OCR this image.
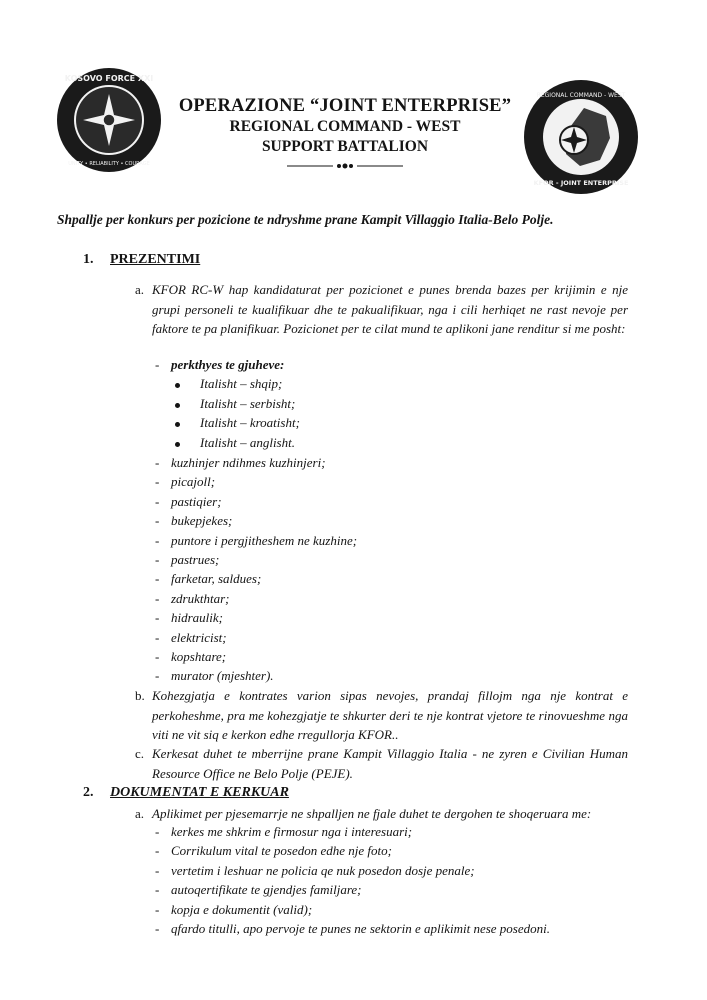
KOSOVO FORCE XXI
UNITY • RELIABILITY • COURAGE
REGIONAL COMMAND - WEST
KFOR - JOINT ENTERPRISE
OPERAZIONE “JOINT ENTERPRISE”
REGIONAL COMMAND - WEST
SUPPORT BATTALION
Shpallje per konkurs per pozicione te ndryshme prane Kampit Villaggio Italia-Belo Polje.
1. PREZENTIMI
a. KFOR RC-W hap kandidaturat per pozicionet e punes brenda bazes per krijimin e nje grupi personeli te kualifikuar dhe te pakualifikuar, nga i cili herhiqet ne rast nevoje per faktore te pa planifikuar. Pozicionet per te cilat mund te aplikoni jane renditur si me posht:
- perkthyes te gjuheve:
Italisht – shqip;
Italisht – serbisht;
Italisht – kroatisht;
Italisht – anglisht.
- kuzhinjer ndihmes kuzhinjeri;
- picajoll;
- pastiqier;
- bukepjekes;
- puntore i pergjitheshem ne kuzhine;
- pastrues;
- farketar, saldues;
- zdrukthtar;
- hidraulik;
- elektricist;
- kopshtare;
- murator (mjeshter).
b. Kohezgjatja e kontrates varion sipas nevojes, prandaj fillojm nga nje kontrat e perkoheshme, pra me kohezgjatje te shkurter deri te nje kontrat vjetore te rinovueshme nga viti ne vit siq e kerkon edhe rregullorja KFOR..
c. Kerkesat duhet te mberrijne prane Kampit Villaggio Italia - ne zyren e Civilian Human Resource Office ne Belo Polje (PEJE).
2. DOKUMENTAT E KERKUAR
a. Aplikimet per pjesemarrje ne shpalljen ne fjale duhet te dergohen te shoqeruara me:
- kerkes me shkrim e firmosur nga i interesuari;
- Corrikulum vital te posedon edhe nje foto;
- vertetim i leshuar ne policia qe nuk posedon dosje penale;
- autoqertifikate te gjendjes familjare;
- kopja e dokumentit (valid);
- qfardo titulli, apo pervoje te punes ne sektorin e aplikimit nese posedoni.
